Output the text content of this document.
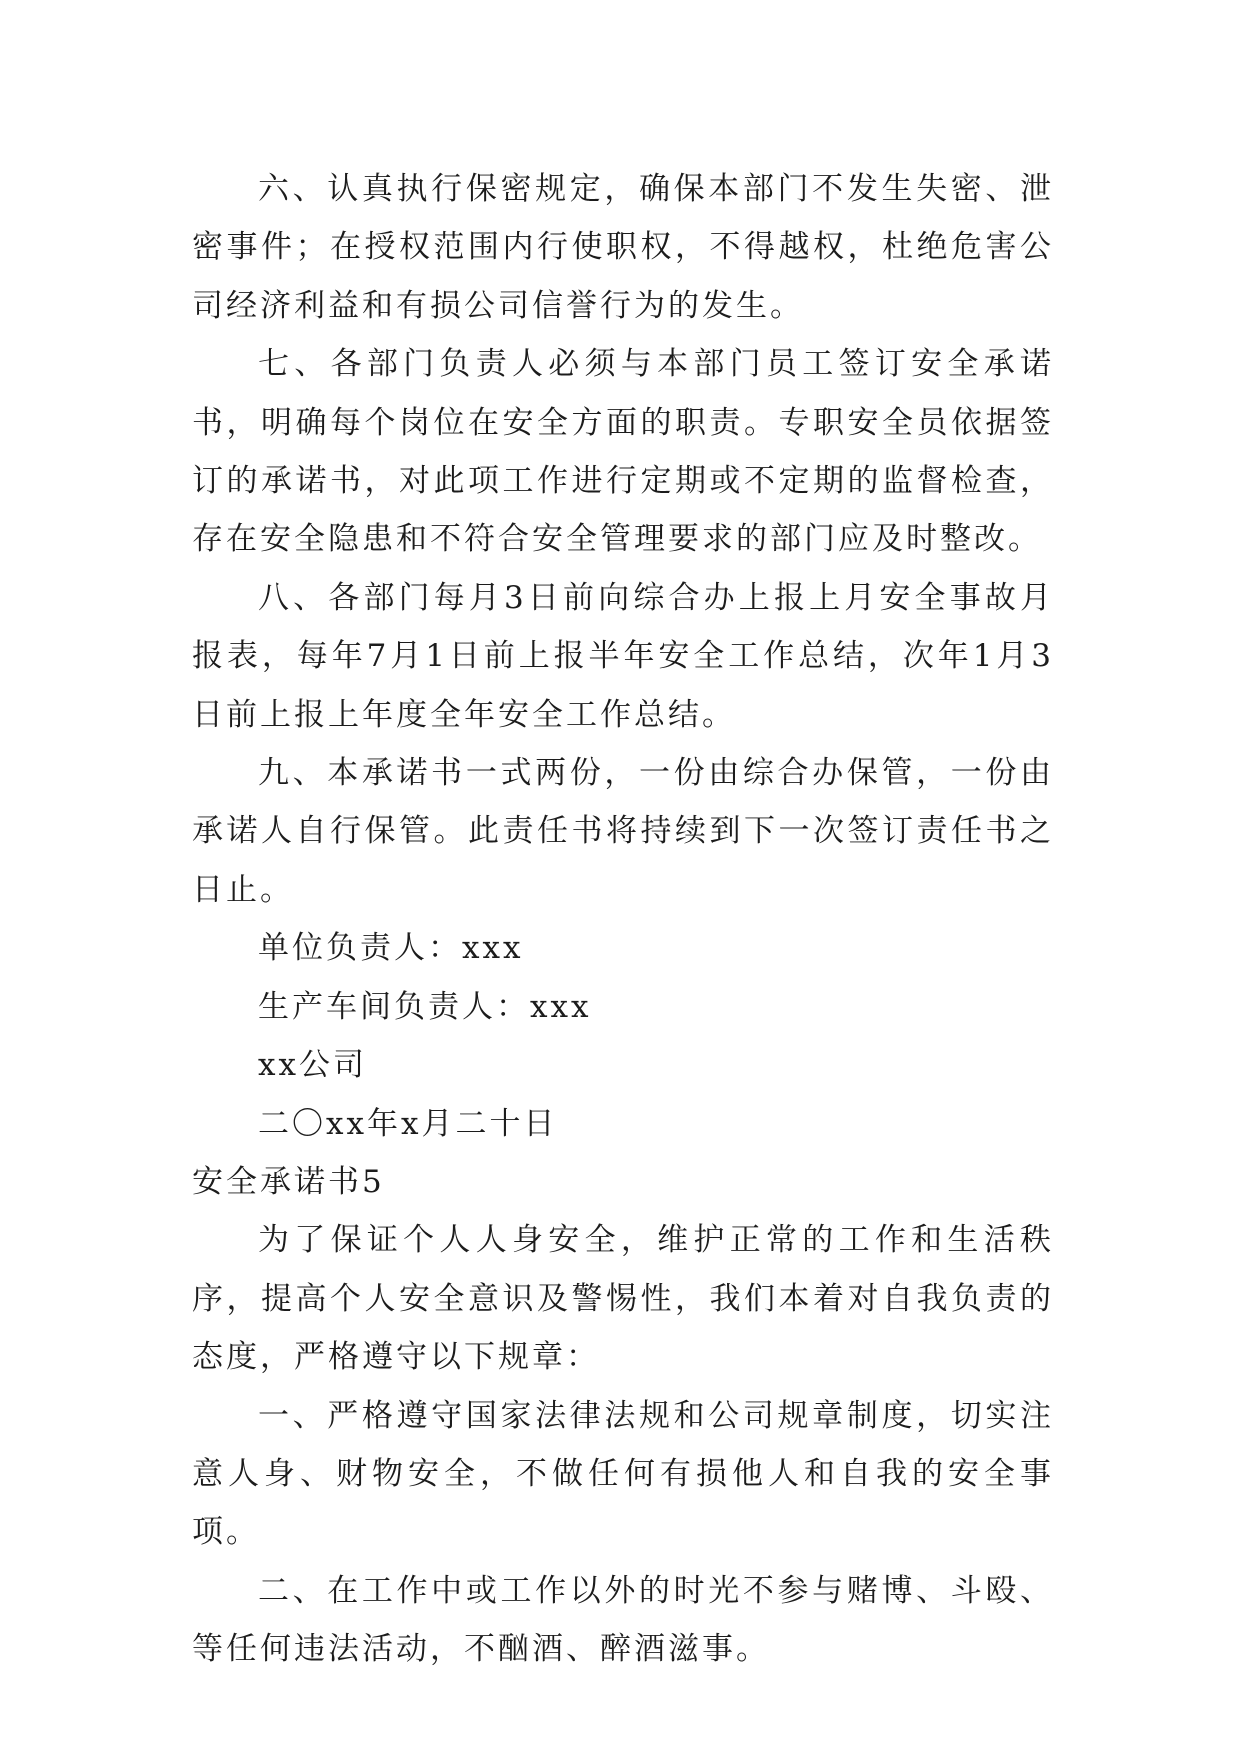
六、认真执行保密规定，确保本部门不发生失密、泄密事件；在授权范围内行使职权，不得越权，杜绝危害公司经济利益和有损公司信誉行为的发生。

七、各部门负责人必须与本部门员工签订安全承诺书，明确每个岗位在安全方面的职责。专职安全员依据签订的承诺书，对此项工作进行定期或不定期的监督检查，存在安全隐患和不符合安全管理要求的部门应及时整改。

八、各部门每月3日前向综合办上报上月安全事故月报表，每年7月1日前上报半年安全工作总结，次年1月3日前上报上年度全年安全工作总结。

九、本承诺书一式两份，一份由综合办保管，一份由承诺人自行保管。此责任书将持续到下一次签订责任书之日止。

单位负责人：xxx

生产车间负责人：xxx

xx公司

二〇xx年x月二十日

安全承诺书5

为了保证个人人身安全，维护正常的工作和生活秩序，提高个人安全意识及警惕性，我们本着对自我负责的态度，严格遵守以下规章：

一、严格遵守国家法律法规和公司规章制度，切实注意人身、财物安全，不做任何有损他人和自我的安全事项。

二、在工作中或工作以外的时光不参与赌博、斗殴、等任何违法活动，不酗酒、醉酒滋事。
